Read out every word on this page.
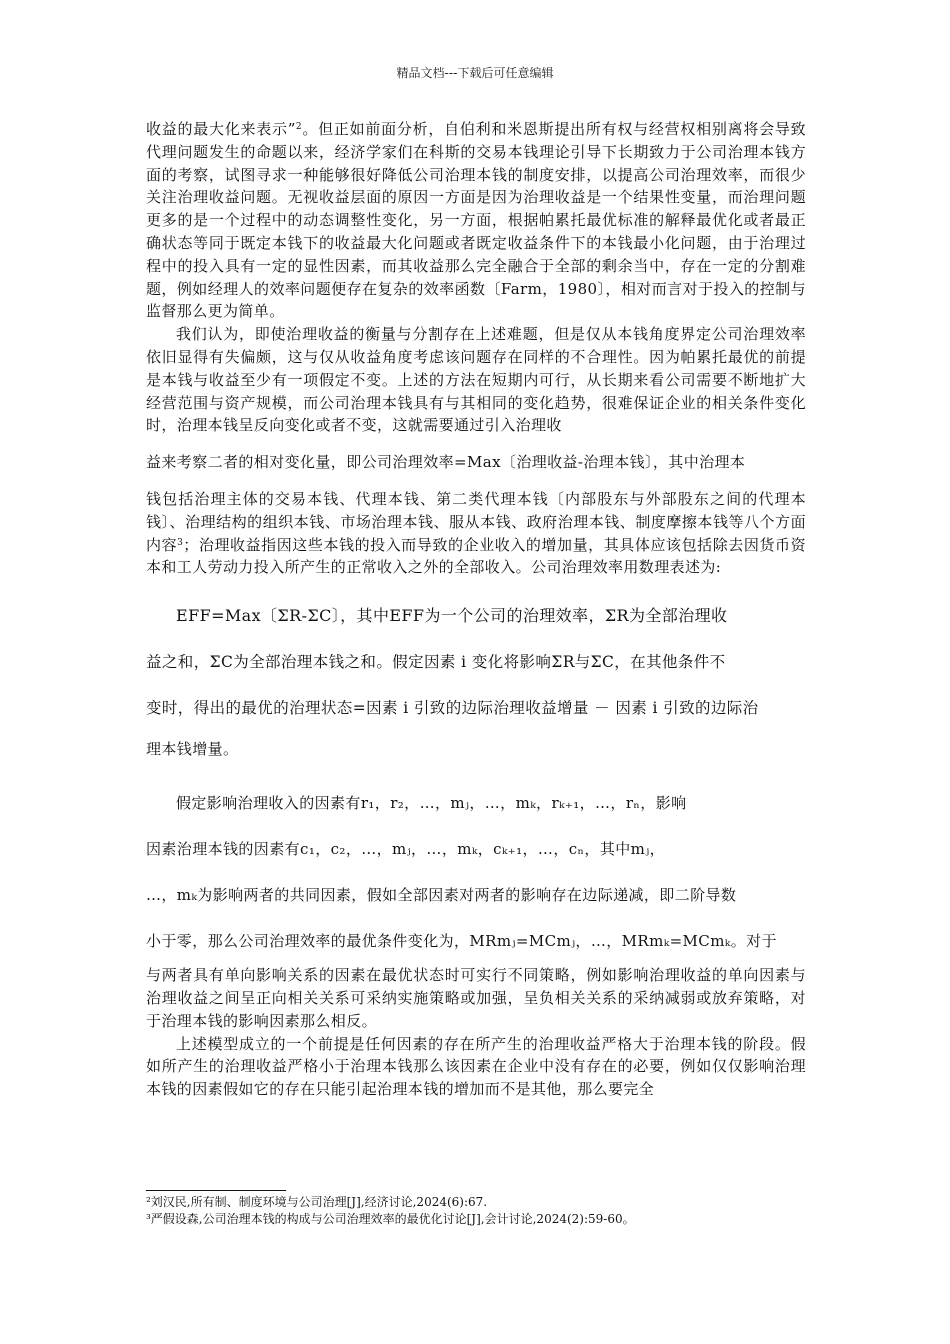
精品文档---下载后可任意编辑

收益的最大化来表示”$^2$。但正如前面分析，自伯利和米恩斯提出所有权与经营权相别离将会导致代理问题发生的命题以来，经济学家们在科斯的交易本钱理论引导下长期致力于公司治理本钱方面的考察，试图寻求一种能够很好降低公司治理本钱的制度安排，以提高公司治理效率，而很少关注治理收益问题。无视收益层面的原因一方面是因为治理收益是一个结果性变量，而治理问题更多的是一个过程中的动态调整性变化，另一方面，根据帕累托最优标准的解释最优化或者最正确状态等同于既定本钱下的收益最大化问题或者既定收益条件下的本钱最小化问题，由于治理过程中的投入具有一定的显性因素，而其收益那么完全融合于全部的剩余当中，存在一定的分割难题，例如经理人的效率问题便存在复杂的效率函数〔Farm，1980〕，相对而言对于投入的控制与监督那么更为简单。

我们认为，即使治理收益的衡量与分割存在上述难题，但是仅从本钱角度界定公司治理效率依旧显得有失偏颇，这与仅从收益角度考虑该问题存在同样的不合理性。因为帕累托最优的前提是本钱与收益至少有一项假定不变。上述的方法在短期内可行，从长期来看公司需要不断地扩大经营范围与资产规模，而公司治理本钱具有与其相同的变化趋势，很难保证企业的相关条件变化时，治理本钱呈反向变化或者不变，这就需要通过引入治理收

益来考察二者的相对变化量，即公司治理效率=Max〔治理收益-治理本钱〕，其中治理本

钱包括治理主体的交易本钱、代理本钱、第二类代理本钱〔内部股东与外部股东之间的代理本钱〕、治理结构的组织本钱、市场治理本钱、服从本钱、政府治理本钱、制度摩擦本钱等八个方面内容$^3$；治理收益指因这些本钱的投入而导致的企业收入的增加量，其具体应该包括除去因货币资本和工人劳动力投入所产生的正常收入之外的全部收入。公司治理效率用数理表述为:

EFF=Max〔ΣR-ΣC〕，其中EFF为一个公司的治理效率，ΣR为全部治理收

益之和，ΣC为全部治理本钱之和。假定因素 i 变化将影响ΣR与ΣC，在其他条件不

变时，得出的最优的治理状态=因素 i 引致的边际治理收益增量 － 因素 i 引致的边际治

理本钱增量。

假定影响治理收入的因素有r₁，r₂，…，mⱼ，…，mₖ，rₖ₊₁，…，rₙ，影响

因素治理本钱的因素有c₁，c₂，…，mⱼ，…，mₖ，cₖ₊₁，…，cₙ，其中mⱼ，

…，mₖ为影响两者的共同因素，假如全部因素对两者的影响存在边际递减，即二阶导数

小于零，那么公司治理效率的最优条件变化为，MRmⱼ=MCmⱼ，…，MRmₖ=MCmₖ。对于

与两者具有单向影响关系的因素在最优状态时可实行不同策略，例如影响治理收益的单向因素与治理收益之间呈正向相关关系可采纳实施策略或加强，呈负相关关系的采纳减弱或放弃策略，对于治理本钱的影响因素那么相反。

上述模型成立的一个前提是任何因素的存在所产生的治理收益严格大于治理本钱的阶段。假如所产生的治理收益严格小于治理本钱那么该因素在企业中没有存在的必要，例如仅仅影响治理本钱的因素假如它的存在只能引起治理本钱的增加而不是其他，那么要完全

²刘汉民,所有制、制度环境与公司治理[J],经济讨论,2024(6):67.

³严假设森,公司治理本钱的构成与公司治理效率的最优化讨论[J],会计讨论,2024(2):59-60。
